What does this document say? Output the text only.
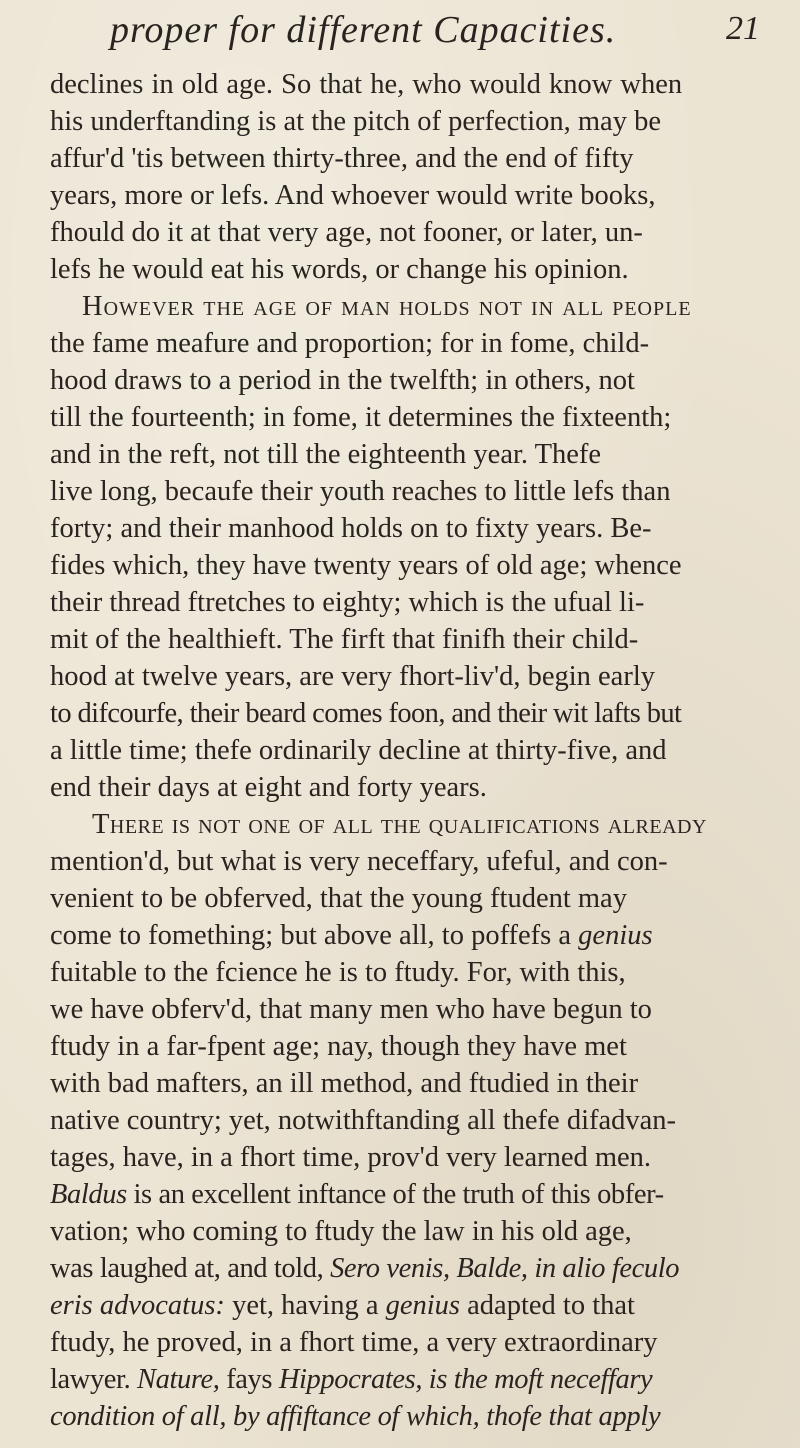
proper for different Capacities.	21
declines in old age. So that he, who would know when
his underftanding is at the pitch of perfection, may be
affur'd 'tis between thirty-three, and the end of fifty
years, more or lefs. And whoever would write books,
fhould do it at that very age, not fooner, or later, un-
lefs he would eat his words, or change his opinion.
However the age of man holds not in all people
the fame meafure and proportion; for in fome, child-
hood draws to a period in the twelfth; in others, not
till the fourteenth; in fome, it determines the fixteenth;
and in the reft, not till the eighteenth year. Thefe
live long, becaufe their youth reaches to little lefs than
forty; and their manhood holds on to fixty years. Be-
fides which, they have twenty years of old age; whence
their thread ftretches to eighty; which is the ufual li-
mit of the healthieft. The firft that finifh their child-
hood at twelve years, are very fhort-liv'd, begin early
to difcourfe, their beard comes foon, and their wit lafts but
a little time; thefe ordinarily decline at thirty-five, and
end their days at eight and forty years.
There is not one of all the qualifications already
mention'd, but what is very neceffary, ufeful, and con-
venient to be obferved, that the young ftudent may
come to fomething; but above all, to poffefs a genius
fuitable to the fcience he is to ftudy. For, with this,
we have obferv'd, that many men who have begun to
ftudy in a far-fpent age; nay, though they have met
with bad mafters, an ill method, and ftudied in their
native country; yet, notwithftanding all thefe difadvan-
tages, have, in a fhort time, prov'd very learned men.
Baldus is an excellent inftance of the truth of this obfer-
vation; who coming to ftudy the law in his old age,
was laughed at, and told, Sero venis, Balde, in alio feculo
eris advocatus: yet, having a genius adapted to that
ftudy, he proved, in a fhort time, a very extraordinary
lawyer. Nature, fays Hippocrates, is the moft neceffary
condition of all, by affiftance of which, thofe that apply
